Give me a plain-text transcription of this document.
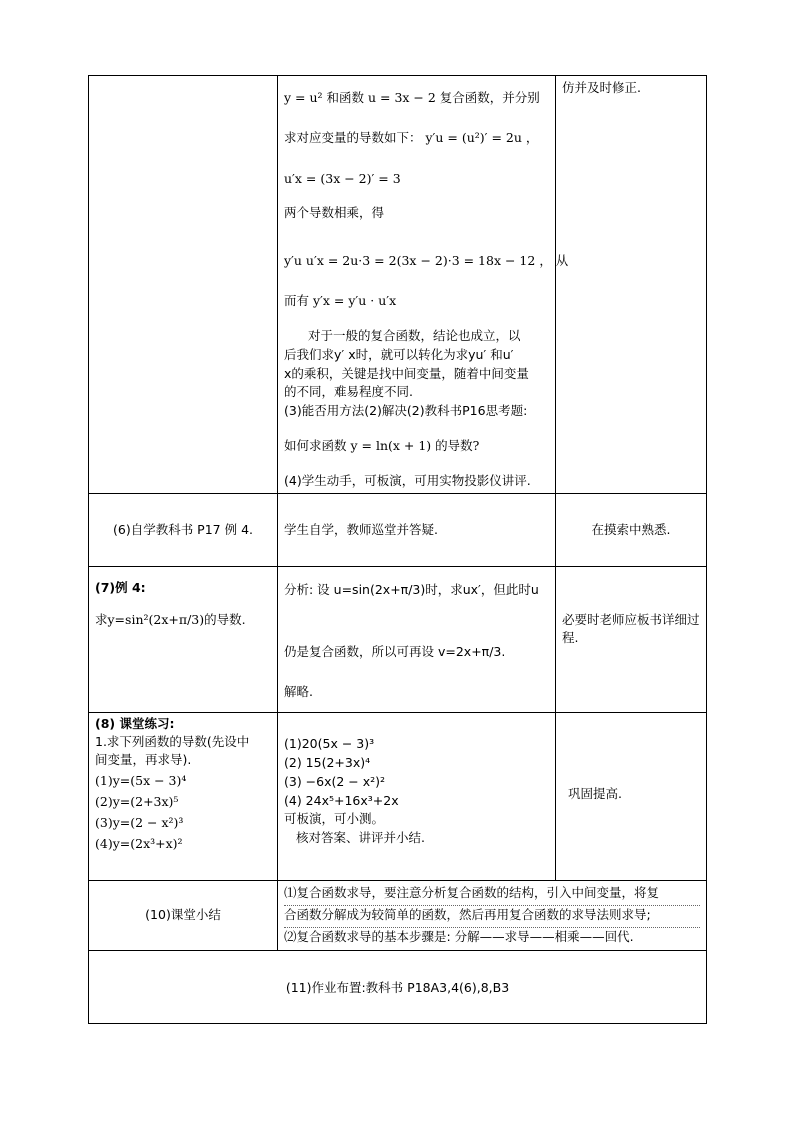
y = u² 和函数 u = 3x − 2 复合函数，并分别
求对应变量的导数如下： y′u = (u²)′ = 2u ，
u′x = (3x − 2)′ = 3
两个导数相乘，得
y′u u′x = 2u·3 = 2(3x − 2)·3 = 18x − 12 ， 从
而有 y′x = y′u · u′x
对于一般的复合函数，结论也成立，以
后我们求y′ x时，就可以转化为求yu′ 和u′
x的乘积，关键是找中间变量，随着中间变量
的不同，难易程度不同.
(3)能否用方法(2)解决(2)教科书P16思考题:
如何求函数 y = ln(x + 1) 的导数?
(4)学生动手，可板演，可用实物投影仪讲评.
仿并及时修正.
(6)自学教科书 P17 例 4.	学生自学，教师巡堂并答疑.	在摸索中熟悉.
(7)例 4:
求y=sin²(2x+π/3)的导数.
分析: 设 u=sin(2x+π/3)时，求ux′，但此时u
仍是复合函数，所以可再设 v=2x+π/3.
解略.
必要时老师应板书详细过程.
(8) 课堂练习:
1.求下列函数的导数(先设中
间变量，再求导).
(1)y=(5x − 3)⁴
(2)y=(2+3x)⁵
(3)y=(2 − x²)³
(4)y=(2x³+x)²
(1)20(5x − 3)³
(2) 15(2+3x)⁴
(3) −6x(2 − x²)²
(4) 24x⁵+16x³+2x
可板演，可小测。
核对答案、讲评并小结.
巩固提高.
(10)课堂小结
⑴复合函数求导，要注意分析复合函数的结构，引入中间变量，将复
合函数分解成为较简单的函数，然后再用复合函数的求导法则求导;
⑵复合函数求导的基本步骤是: 分解——求导——相乘——回代.
(11)作业布置:教科书 P18A3,4(6),8,B3
